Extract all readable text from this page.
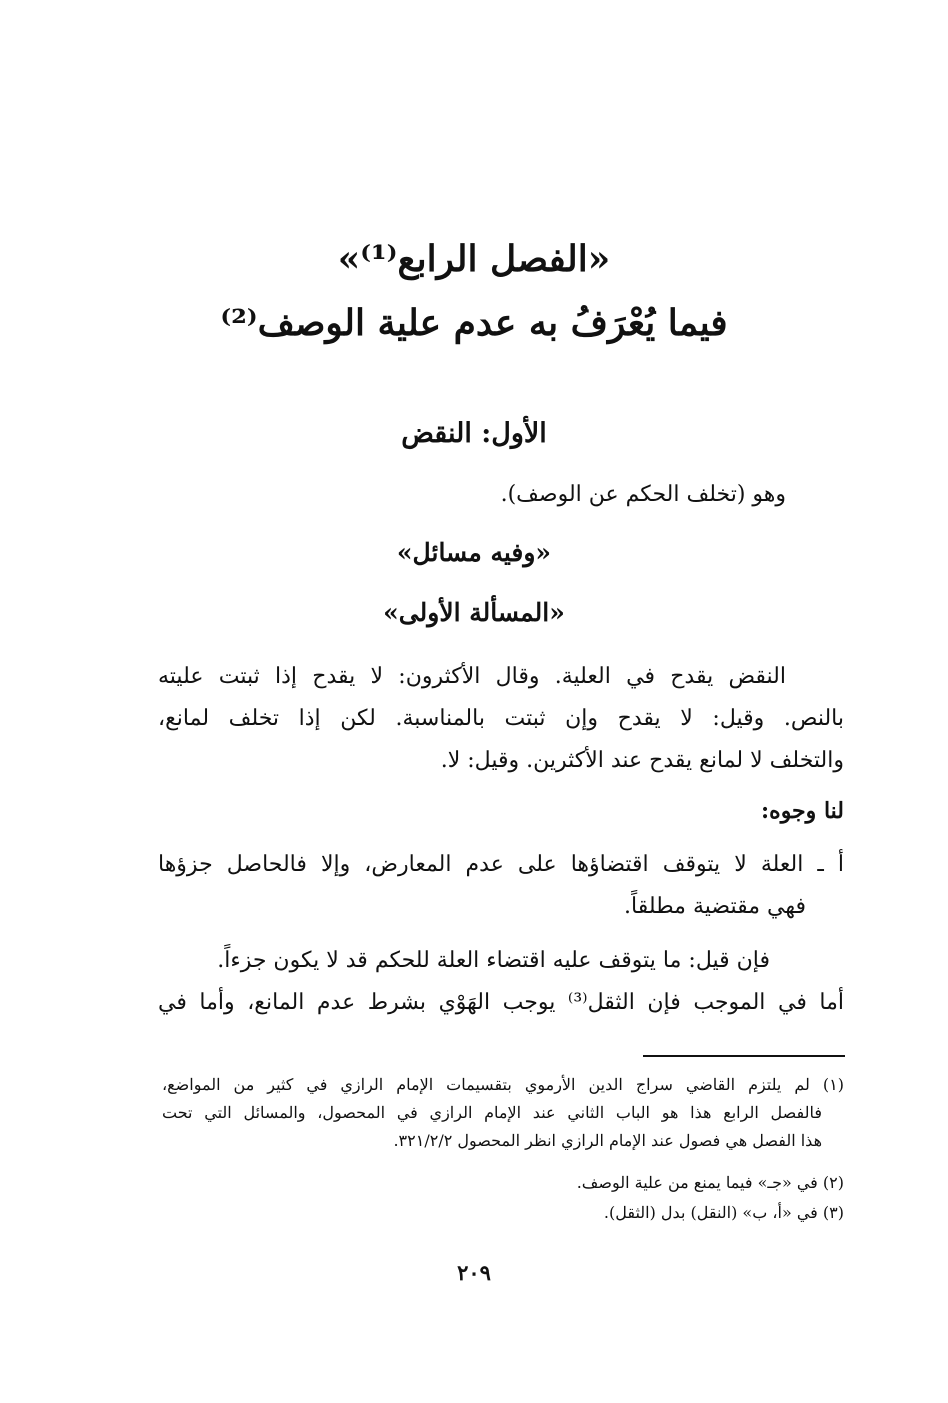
«الفصل الرابع⁽¹⁾»
فيما يُعْرَفُ به عدم علية الوصف⁽²⁾
الأول: النقض
وهو (تخلف الحكم عن الوصف).
«وفيه مسائل»
«المسألة الأولى»
النقض يقدح في العلية. وقال الأكثرون: لا يقدح إذا ثبتت عليته
بالنص. وقيل: لا يقدح وإن ثبتت بالمناسبة. لكن إذا تخلف لمانع،
والتخلف لا لمانع يقدح عند الأكثرين. وقيل: لا.
لنا وجوه:
أ ـ العلة لا يتوقف اقتضاؤها على عدم المعارض، وإلا فالحاصل جزؤها
فهي مقتضية مطلقاً.
فإن قيل: ما يتوقف عليه اقتضاء العلة للحكم قد لا يكون جزءاً.
أما في الموجب فإن الثقل⁽³⁾ يوجب الهَوْي بشرط عدم المانع، وأما في
(١) لم يلتزم القاضي سراج الدين الأرموي بتقسيمات الإمام الرازي في كثير من المواضع،
فالفصل الرابع هذا هو الباب الثاني عند الإمام الرازي في المحصول، والمسائل التي تحت
هذا الفصل هي فصول عند الإمام الرازي انظر المحصول ٣٢١/٢/٢.
(٢) في «جـ» فيما يمنع من علية الوصف.
(٣) في «أ، ب» (النقل) بدل (الثقل).
٢٠٩
